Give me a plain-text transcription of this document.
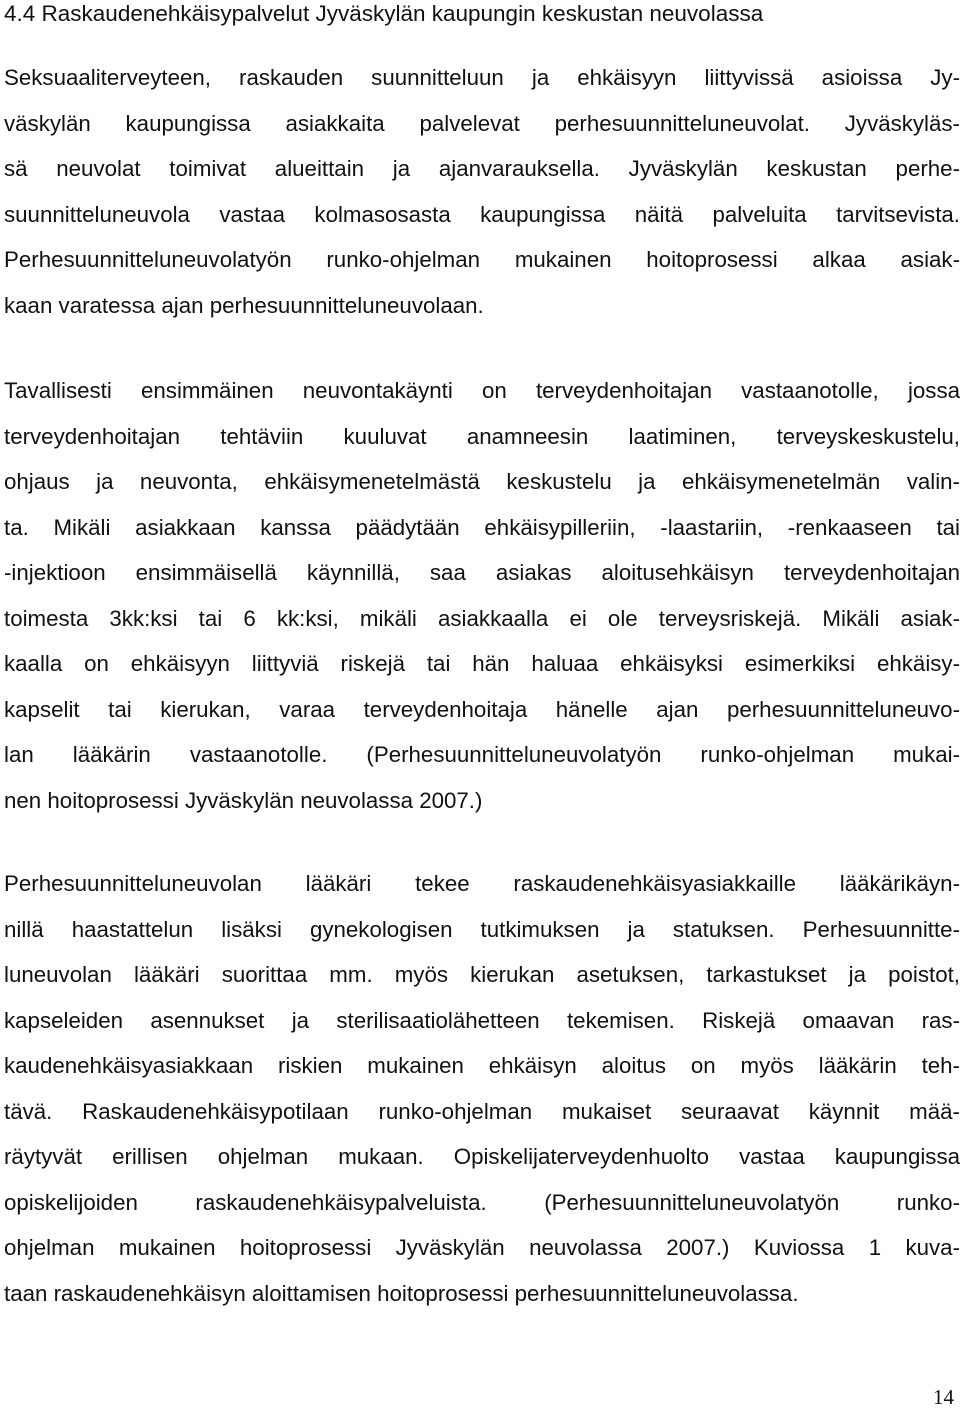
4.4 Raskaudenehkäisypalvelut Jyväskylän kaupungin keskustan neuvolassa
Seksuaaliterveyteen, raskauden suunnitteluun ja ehkäisyyn liittyvissä asioissa Jy-
väskylän kaupungissa asiakkaita palvelevat perhesuunnitteluneuvolat. Jyväskyläs-
sä neuvolat toimivat alueittain ja ajanvarauksella. Jyväskylän keskustan perhe-
suunnitteluneuvola vastaa kolmasosasta kaupungissa näitä palveluita tarvitsevista.
Perhesuunnitteluneuvolatyön runko-ohjelman mukainen hoitoprosessi alkaa asiak-
kaan varatessa ajan perhesuunnitteluneuvolaan.
Tavallisesti ensimmäinen neuvontakäynti on terveydenhoitajan vastaanotolle, jossa
terveydenhoitajan tehtäviin kuuluvat anamneesin laatiminen, terveyskeskustelu,
ohjaus ja neuvonta, ehkäisymenetelmästä keskustelu ja ehkäisymenetelmän valin-
ta. Mikäli asiakkaan kanssa päädytään ehkäisypilleriin, -laastariin, -renkaaseen tai
-injektioon ensimmäisellä käynnillä, saa asiakas aloitusehkäisyn terveydenhoitajan
toimesta 3kk:ksi tai 6 kk:ksi, mikäli asiakkaalla ei ole terveysriskejä. Mikäli asiak-
kaalla on ehkäisyyn liittyviä riskejä tai hän haluaa ehkäisyksi esimerkiksi ehkäisy-
kapselit tai kierukan, varaa terveydenhoitaja hänelle ajan perhesuunnitteluneuvo-
lan lääkärin vastaanotolle. (Perhesuunnitteluneuvolatyön runko-ohjelman mukai-
nen hoitoprosessi Jyväskylän neuvolassa 2007.)
Perhesuunnitteluneuvolan lääkäri tekee raskaudenehkäisyasiakkaille lääkärikäyn-
nillä haastattelun lisäksi gynekologisen tutkimuksen ja statuksen. Perhesuunnitte-
luneuvolan lääkäri suorittaa mm. myös kierukan asetuksen, tarkastukset ja poistot,
kapseleiden asennukset ja sterilisaatiolähetteen tekemisen. Riskejä omaavan ras-
kaudenehkäisyasiakkaan riskien mukainen ehkäisyn aloitus on myös lääkärin teh-
tävä. Raskaudenehkäisypotilaan runko-ohjelman mukaiset seuraavat käynnit mää-
räytyvät erillisen ohjelman mukaan. Opiskelijaterveydenhuolto vastaa kaupungissa
opiskelijoiden raskaudenehkäisypalveluista. (Perhesuunnitteluneuvolatyön runko-
ohjelman mukainen hoitoprosessi Jyväskylän neuvolassa 2007.) Kuviossa 1 kuva-
taan raskaudenehkäisyn aloittamisen hoitoprosessi perhesuunnitteluneuvolassa.
14
